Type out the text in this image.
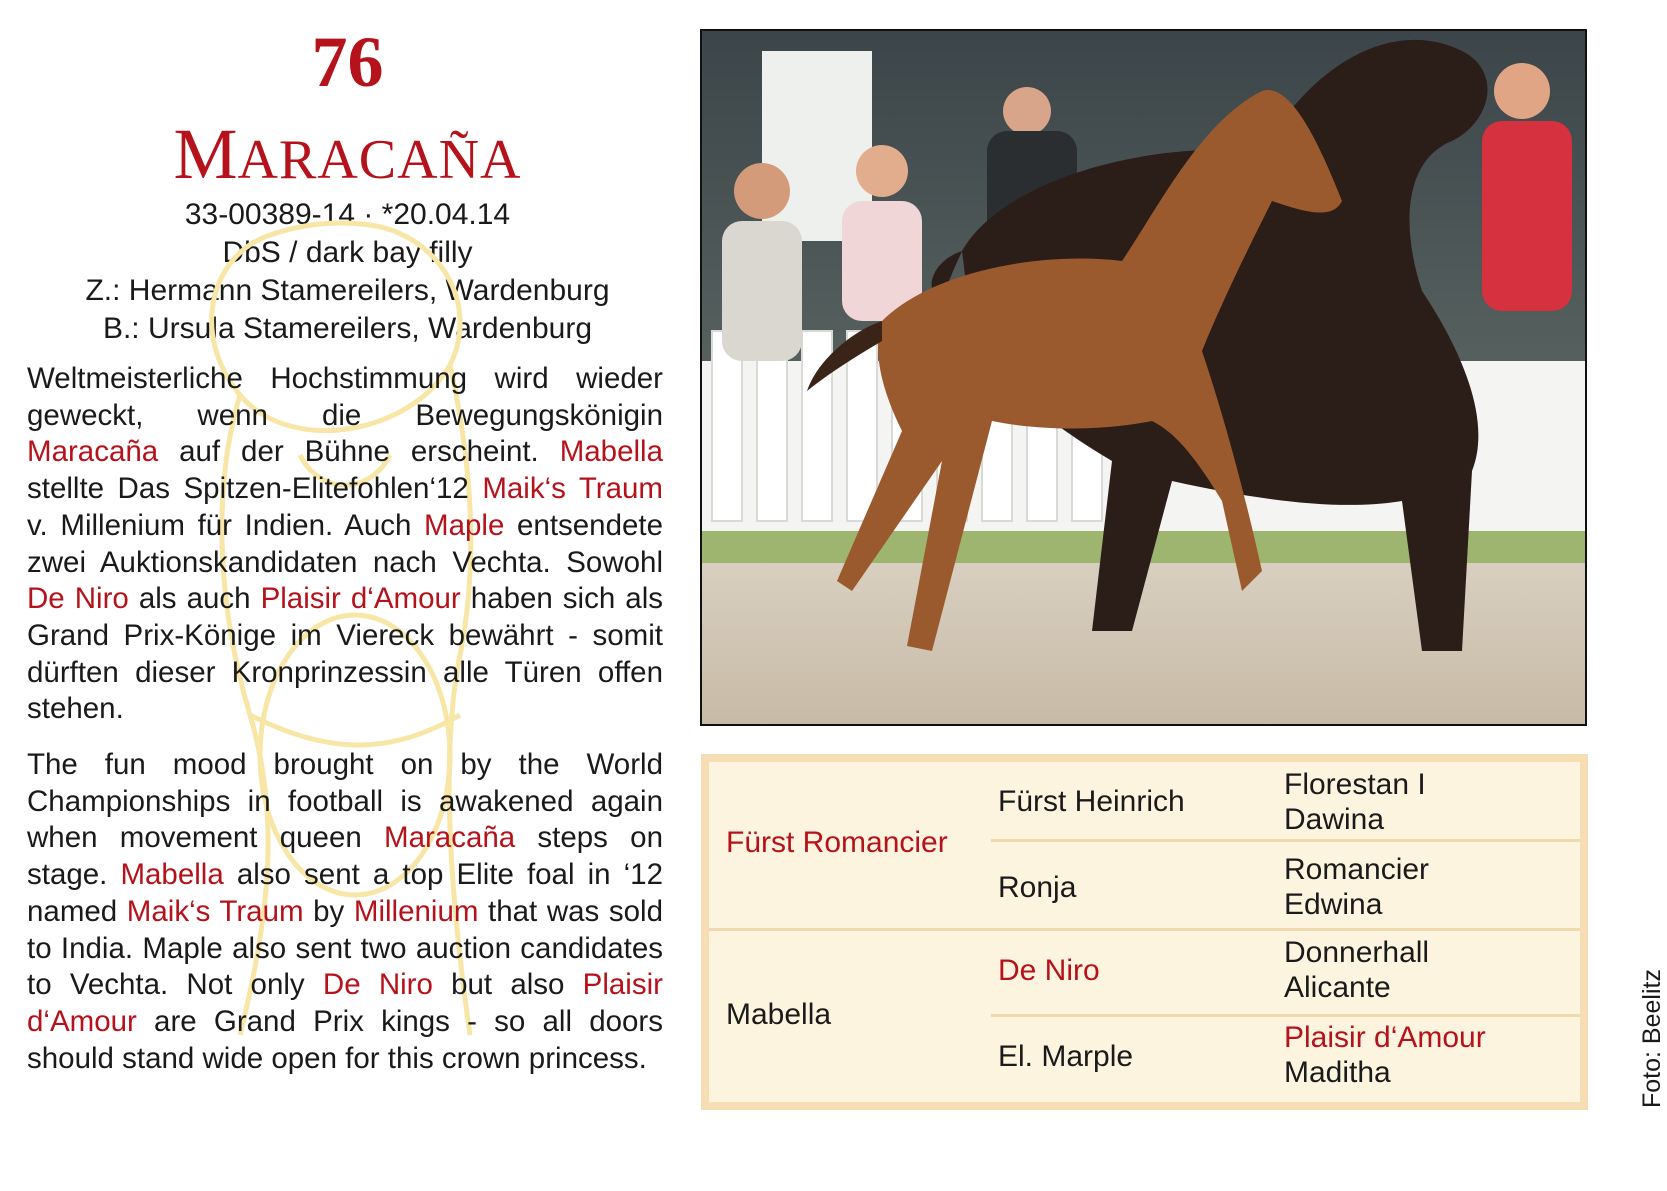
76
MARACAÑA
33-00389-14 · *20.04.14
DbS / dark bay filly
Z.: Hermann Stamereilers, Wardenburg
B.: Ursula Stamereilers, Wardenburg

Weltmeisterliche Hochstimmung wird wieder geweckt, wenn die Bewegungskönigin Maracaña auf der Bühne erscheint. Mabella stellte Das Spitzen-Elitefohlen‘12 Maik‘s Traum v. Millenium für Indien. Auch Maple entsendete zwei Auktionskandidaten nach Vechta. Sowohl De Niro als auch Plaisir d‘Amour haben sich als Grand Prix-Könige im Viereck bewährt - somit dürften dieser Kronprinzessin alle Türen offen stehen.

The fun mood brought on by the World Championships in football is awakened again when movement queen Maracaña steps on stage. Mabella also sent a top Elite foal in ‘12 named Maik‘s Traum by Millenium that was sold to India. Maple also sent two auction candidates to Vechta. Not only De Niro but also Plaisir d‘Amour are Grand Prix kings - so all doors should stand wide open for this crown princess.

Fürst Romancier
Mabella
Fürst Heinrich
Ronja
De Niro
El. Marple
Florestan I
Dawina
Romancier
Edwina
Donnerhall
Alicante
Plaisir d‘Amour
Maditha	Foto: Beelitz
